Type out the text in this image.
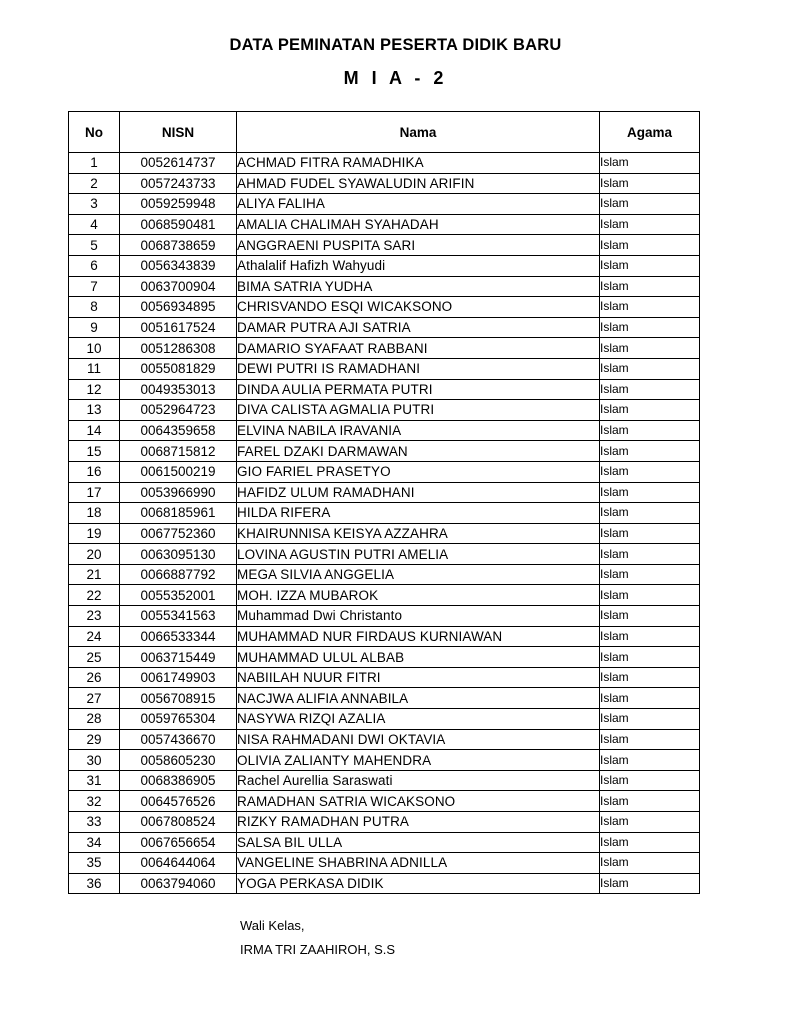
DATA PEMINATAN PESERTA DIDIK BARU
M I A - 2
No	NISN	Nama	Agama
1	0052614737	ACHMAD FITRA RAMADHIKA	Islam
2	0057243733	AHMAD FUDEL SYAWALUDIN ARIFIN	Islam
3	0059259948	ALIYA FALIHA	Islam
4	0068590481	AMALIA CHALIMAH SYAHADAH	Islam
5	0068738659	ANGGRAENI PUSPITA SARI	Islam
6	0056343839	Athalalif Hafizh Wahyudi	Islam
7	0063700904	BIMA SATRIA YUDHA	Islam
8	0056934895	CHRISVANDO ESQI WICAKSONO	Islam
9	0051617524	DAMAR PUTRA AJI SATRIA	Islam
10	0051286308	DAMARIO SYAFAAT RABBANI	Islam
11	0055081829	DEWI PUTRI IS RAMADHANI	Islam
12	0049353013	DINDA AULIA PERMATA PUTRI	Islam
13	0052964723	DIVA CALISTA AGMALIA PUTRI	Islam
14	0064359658	ELVINA NABILA IRAVANIA	Islam
15	0068715812	FAREL DZAKI DARMAWAN	Islam
16	0061500219	GIO FARIEL PRASETYO	Islam
17	0053966990	HAFIDZ ULUM RAMADHANI	Islam
18	0068185961	HILDA RIFERA	Islam
19	0067752360	KHAIRUNNISA KEISYA AZZAHRA	Islam
20	0063095130	LOVINA AGUSTIN PUTRI AMELIA	Islam
21	0066887792	MEGA SILVIA ANGGELIA	Islam
22	0055352001	MOH. IZZA MUBAROK	Islam
23	0055341563	Muhammad Dwi Christanto	Islam
24	0066533344	MUHAMMAD NUR FIRDAUS KURNIAWAN	Islam
25	0063715449	MUHAMMAD ULUL ALBAB	Islam
26	0061749903	NABIILAH NUUR FITRI	Islam
27	0056708915	NACJWA ALIFIA ANNABILA	Islam
28	0059765304	NASYWA RIZQI AZALIA	Islam
29	0057436670	NISA RAHMADANI DWI OKTAVIA	Islam
30	0058605230	OLIVIA ZALIANTY MAHENDRA	Islam
31	0068386905	Rachel Aurellia Saraswati	Islam
32	0064576526	RAMADHAN SATRIA WICAKSONO	Islam
33	0067808524	RIZKY RAMADHAN PUTRA	Islam
34	0067656654	SALSA BIL ULLA	Islam
35	0064644064	VANGELINE SHABRINA ADNILLA	Islam
36	0063794060	YOGA PERKASA DIDIK	Islam
Wali Kelas,
IRMA TRI ZAAHIROH, S.S
